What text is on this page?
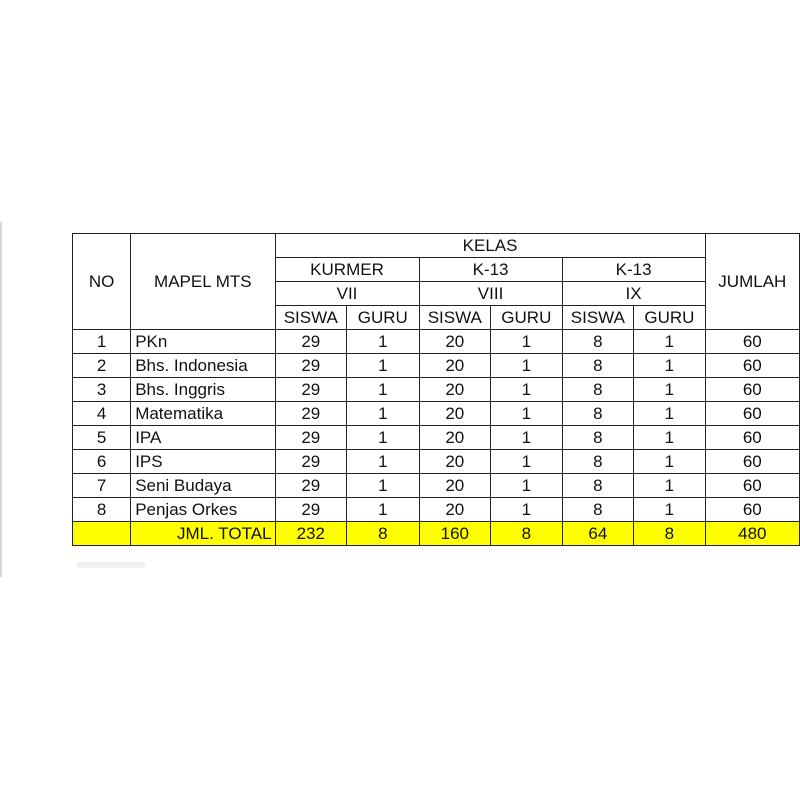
NO	MAPEL MTS	KELAS						JUMLAH
		KURMER		K-13		K-13		
		VII		VIII		IX		
		SISWA	GURU	SISWA	GURU	SISWA	GURU	
1	PKn	29	1	20	1	8	1	60
2	Bhs. Indonesia	29	1	20	1	8	1	60
3	Bhs. Inggris	29	1	20	1	8	1	60
4	Matematika	29	1	20	1	8	1	60
5	IPA	29	1	20	1	8	1	60
6	IPS	29	1	20	1	8	1	60
7	Seni Budaya	29	1	20	1	8	1	60
8	Penjas Orkes	29	1	20	1	8	1	60
	JML. TOTAL	232	8	160	8	64	8	480
